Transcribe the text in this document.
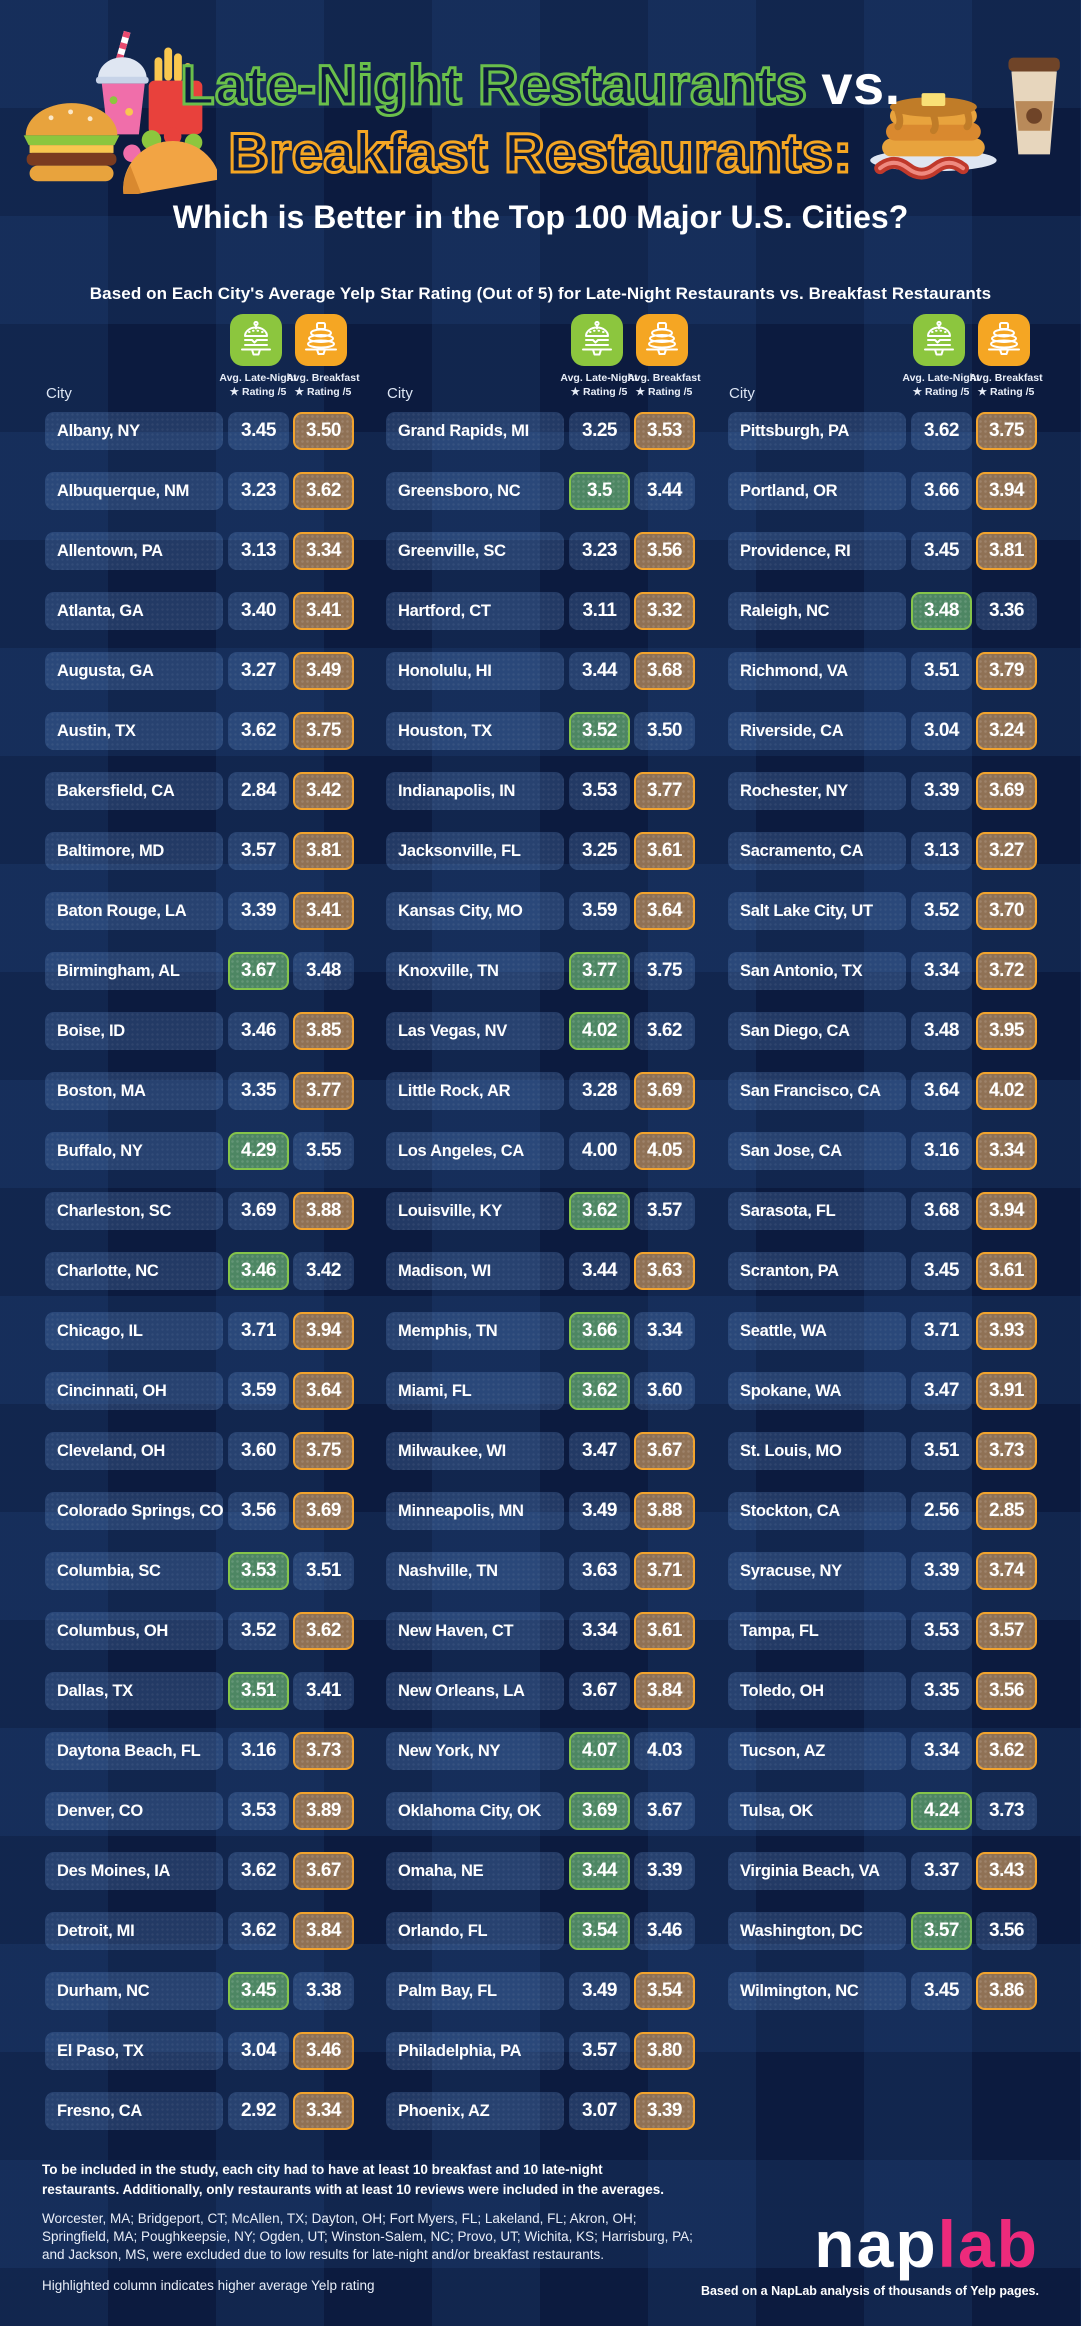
Late-Night Restaurants vs.
Breakfast Restaurants:
Which is Better in the Top 100 Major U.S. Cities?
Based on Each City's Average Yelp Star Rating (Out of 5) for Late-Night Restaurants vs. Breakfast Restaurants
Avg. Late-Night
★ Rating /5
Avg. Breakfast
★ Rating /5
City
Albany, NY	3.45	3.50
Albuquerque, NM	3.23	3.62
Allentown, PA	3.13	3.34
Atlanta, GA	3.40	3.41
Augusta, GA	3.27	3.49
Austin, TX	3.62	3.75
Bakersfield, CA	2.84	3.42
Baltimore, MD	3.57	3.81
Baton Rouge, LA	3.39	3.41
Birmingham, AL	3.67	3.48
Boise, ID	3.46	3.85
Boston, MA	3.35	3.77
Buffalo, NY	4.29	3.55
Charleston, SC	3.69	3.88
Charlotte, NC	3.46	3.42
Chicago, IL	3.71	3.94
Cincinnati, OH	3.59	3.64
Cleveland, OH	3.60	3.75
Colorado Springs, CO 3.56	3.69
Columbia, SC	3.53	3.51
Columbus, OH	3.52	3.62
Dallas, TX	3.51	3.41
Daytona Beach, FL	3.16	3.73
Denver, CO	3.53	3.89
Des Moines, IA	3.62	3.67
Detroit, MI	3.62	3.84
Durham, NC	3.45	3.38
El Paso, TX	3.04	3.46
Fresno, CA	2.92	3.34
Avg. Late-Night
★ Rating /5
Avg. Breakfast
★ Rating /5
City
Grand Rapids, MI	3.25	3.53
Greensboro, NC	3.5	3.44
Greenville, SC	3.23	3.56
Hartford, CT	3.11	3.32
Honolulu, HI	3.44	3.68
Houston, TX	3.52	3.50
Indianapolis, IN	3.53	3.77
Jacksonville, FL	3.25	3.61
Kansas City, MO	3.59	3.64
Knoxville, TN	3.77	3.75
Las Vegas, NV	4.02	3.62
Little Rock, AR	3.28	3.69
Los Angeles, CA	4.00	4.05
Louisville, KY	3.62	3.57
Madison, WI	3.44	3.63
Memphis, TN	3.66	3.34
Miami, FL	3.62	3.60
Milwaukee, WI	3.47	3.67
Minneapolis, MN	3.49	3.88
Nashville, TN	3.63	3.71
New Haven, CT	3.34	3.61
New Orleans, LA	3.67	3.84
New York, NY	4.07	4.03
Oklahoma City, OK	3.69	3.67
Omaha, NE	3.44	3.39
Orlando, FL	3.54	3.46
Palm Bay, FL	3.49	3.54
Philadelphia, PA	3.57	3.80
Phoenix, AZ	3.07	3.39
Avg. Late-Night
★ Rating /5
Avg. Breakfast
★ Rating /5
City
Pittsburgh, PA	3.62	3.75
Portland, OR	3.66	3.94
Providence, RI	3.45	3.81
Raleigh, NC	3.48	3.36
Richmond, VA	3.51	3.79
Riverside, CA	3.04	3.24
Rochester, NY	3.39	3.69
Sacramento, CA	3.13	3.27
Salt Lake City, UT	3.52	3.70
San Antonio, TX	3.34	3.72
San Diego, CA	3.48	3.95
San Francisco, CA	3.64	4.02
San Jose, CA	3.16	3.34
Sarasota, FL	3.68	3.94
Scranton, PA	3.45	3.61
Seattle, WA	3.71	3.93
Spokane, WA	3.47	3.91
St. Louis, MO	3.51	3.73
Stockton, CA	2.56	2.85
Syracuse, NY	3.39	3.74
Tampa, FL	3.53	3.57
Toledo, OH	3.35	3.56
Tucson, AZ	3.34	3.62
Tulsa, OK	4.24	3.73
Virginia Beach, VA	3.37	3.43
Washington, DC	3.57	3.56
Wilmington, NC	3.45	3.86
To be included in the study, each city had to have at least 10 breakfast and 10 late-night restaurants. Additionally, only restaurants with at least 10 reviews were included in the averages.
Worcester, MA; Bridgeport, CT; McAllen, TX; Dayton, OH; Fort Myers, FL; Lakeland, FL; Akron, OH; Springfield, MA; Poughkeepsie, NY; Ogden, UT; Winston-Salem, NC; Provo, UT; Wichita, KS; Harrisburg, PA; and Jackson, MS, were excluded due to low results for late-night and/or breakfast restaurants.
Highlighted column indicates higher average Yelp rating
naplab
Based on a NapLab analysis of thousands of Yelp pages.
